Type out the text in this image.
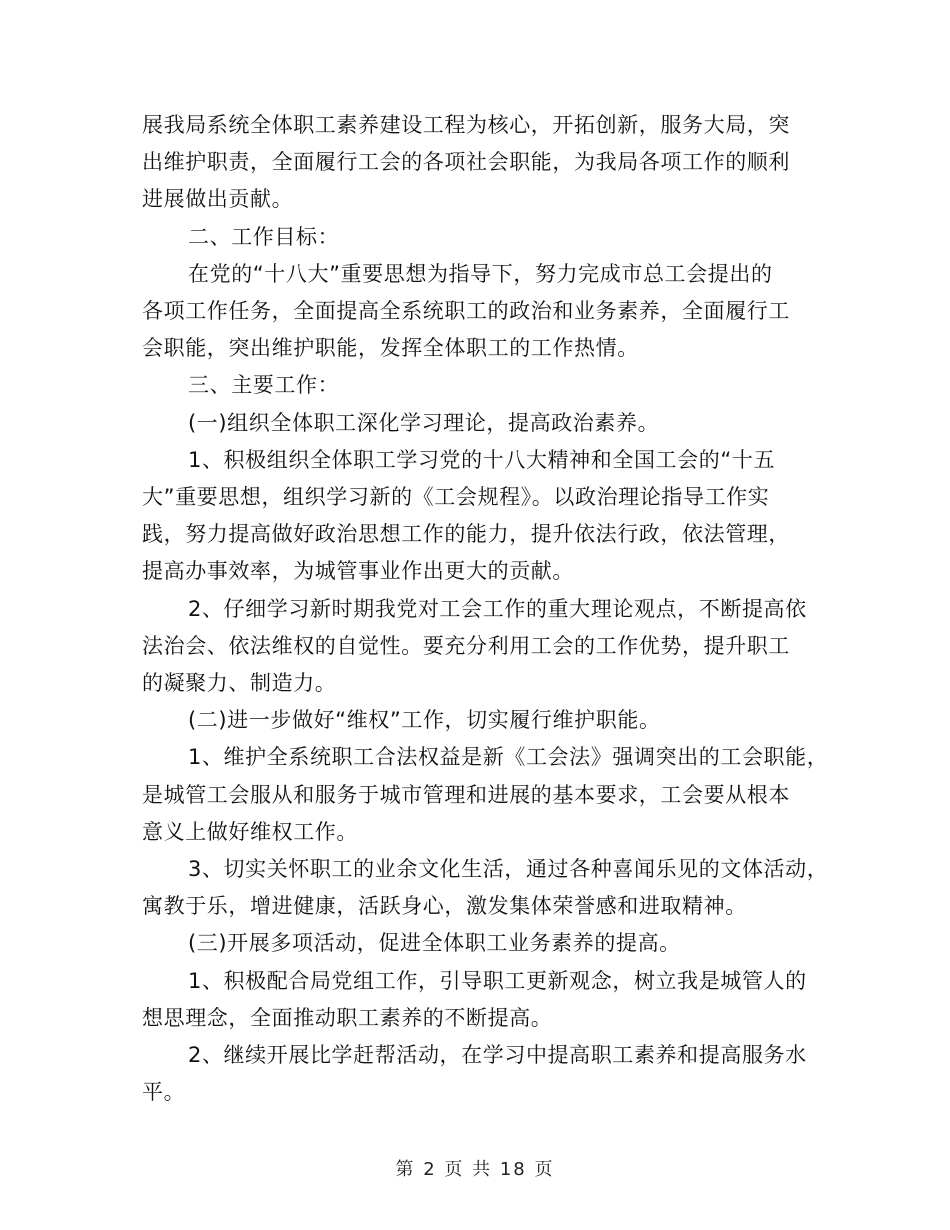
展我局系统全体职工素养建设工程为核心，开拓创新，服务大局，突

出维护职责，全面履行工会的各项社会职能，为我局各项工作的顺利

进展做出贡献。

二、工作目标：

在党的“十八大”重要思想为指导下，努力完成市总工会提出的

各项工作任务，全面提高全系统职工的政治和业务素养，全面履行工

会职能，突出维护职能，发挥全体职工的工作热情。

三、主要工作：

(一)组织全体职工深化学习理论，提高政治素养。

1、积极组织全体职工学习党的十八大精神和全国工会的“十五

大”重要思想，组织学习新的《工会规程》。以政治理论指导工作实

践，努力提高做好政治思想工作的能力，提升依法行政，依法管理，

提高办事效率，为城管事业作出更大的贡献。

2、仔细学习新时期我党对工会工作的重大理论观点，不断提高依

法治会、依法维权的自觉性。要充分利用工会的工作优势，提升职工

的凝聚力、制造力。

(二)进一步做好“维权”工作，切实履行维护职能。

1、维护全系统职工合法权益是新《工会法》强调突出的工会职能，

是城管工会服从和服务于城市管理和进展的基本要求，工会要从根本

意义上做好维权工作。

3、切实关怀职工的业余文化生活，通过各种喜闻乐见的文体活动，

寓教于乐，增进健康，活跃身心，激发集体荣誉感和进取精神。

(三)开展多项活动，促进全体职工业务素养的提高。

1、积极配合局党组工作，引导职工更新观念，树立我是城管人的

想思理念，全面推动职工素养的不断提高。

2、继续开展比学赶帮活动，在学习中提高职工素养和提高服务水

平。

第 2 页 共 18 页
